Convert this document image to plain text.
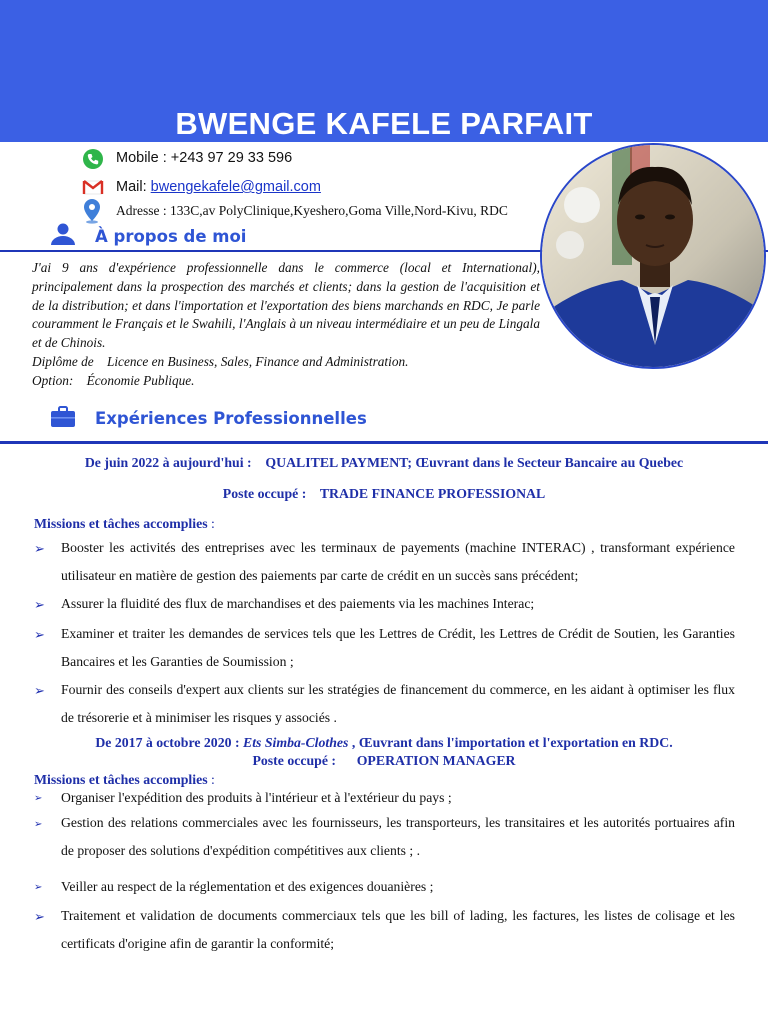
BWENGE KAFELE PARFAIT
Mobile : +243 97 29 33 596
Mail: bwengekafele@gmail.com
Adresse : 133C,av PolyClinique,Kyeshero,Goma Ville,Nord-Kivu, RDC
À propos de moi

J'ai 9 ans d'expérience professionnelle dans le commerce (local et International), principalement dans la prospection des marchés et clients; dans la gestion de l'acquisition et de la distribution; et dans l'importation et l'exportation des biens marchands en RDC, Je parle couramment le Français et le Swahili, l'Anglais à un niveau intermédiaire et un peu de Lingala et de Chinois.

Diplôme de    Licence en Business, Sales, Finance and Administration.

Option:    Économie Publique.

Expériences Professionnelles
De juin 2022 à aujourd'hui :    QUALITEL PAYMENT; Œuvrant dans le Secteur Bancaire au Quebec
Poste occupé :    TRADE FINANCE PROFESSIONAL
Missions et tâches accomplies :
➢ Booster les activités des entreprises avec les terminaux de payements (machine INTERAC) , transformant expérience utilisateur en matière de gestion des paiements par carte de crédit en un succès sans précédent;
➢ Assurer la fluidité des flux de marchandises et des paiements via les machines Interac;
➢ Examiner et traiter les demandes de services tels que les Lettres de Crédit, les Lettres de Crédit de Soutien, les Garanties Bancaires et les Garanties de Soumission ;
➢ Fournir des conseils d'expert aux clients sur les stratégies de financement du commerce, en les aidant à optimiser les flux de trésorerie et à minimiser les risques y associés .
De 2017 à octobre 2020 : Ets Simba-Clothes , Œuvrant dans l'importation et l'exportation en RDC.
Poste occupé :      OPERATION MANAGER
Missions et tâches accomplies :
➢ Organiser l'expédition des produits à l'intérieur et à l'extérieur du pays ;
➢ Gestion des relations commerciales avec les fournisseurs, les transporteurs, les transitaires et les autorités portuaires afin de proposer des solutions d'expédition compétitives aux clients ; .
➢ Veiller au respect de la réglementation et des exigences douanières ;
➢ Traitement et validation de documents commerciaux tels que les bill of lading, les factures, les listes de colisage et les certificats d'origine afin de garantir la conformité;
